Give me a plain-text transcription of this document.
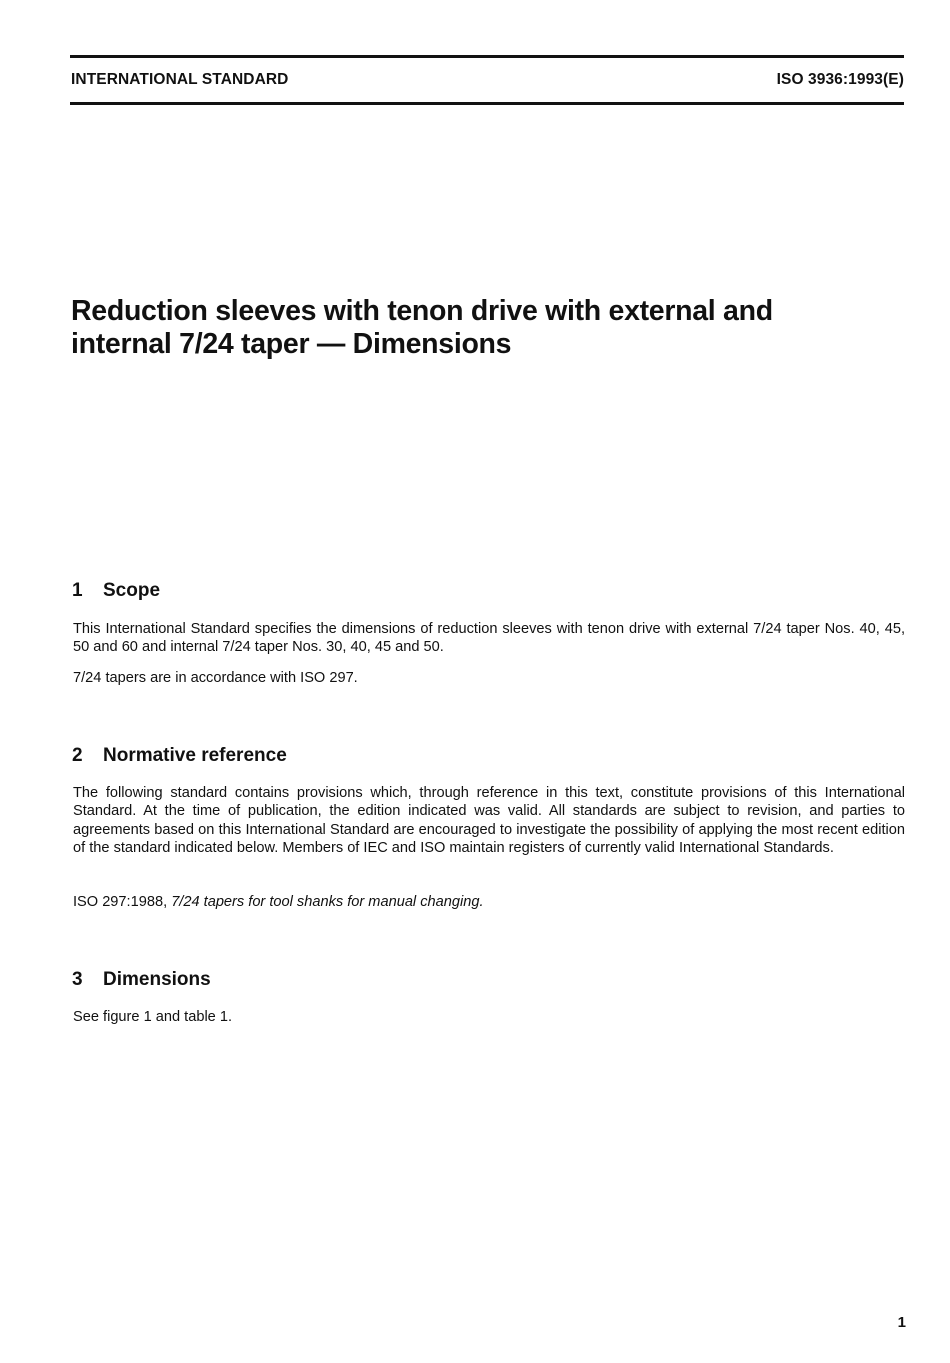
INTERNATIONAL STANDARD	ISO 3936:1993(E)
Reduction sleeves with tenon drive with external and
internal 7/24 taper — Dimensions
1 Scope

This International Standard specifies the dimensions of reduction sleeves with tenon drive with external 7/24 taper Nos. 40, 45, 50 and 60 and internal 7/24 taper Nos. 30, 40, 45 and 50.

7/24 tapers are in accordance with ISO 297.

2 Normative reference

The following standard contains provisions which, through reference in this text, constitute provisions of this International Standard. At the time of publication, the edition indicated was valid. All standards are subject to revision, and parties to agreements based on this International Standard are encouraged to investigate the possibility of applying the most recent edition of the standard indicated below. Members of IEC and ISO maintain registers of currently valid International Standards.

ISO 297:1988, 7/24 tapers for tool shanks for manual changing.

3 Dimensions

See figure 1 and table 1.

1
